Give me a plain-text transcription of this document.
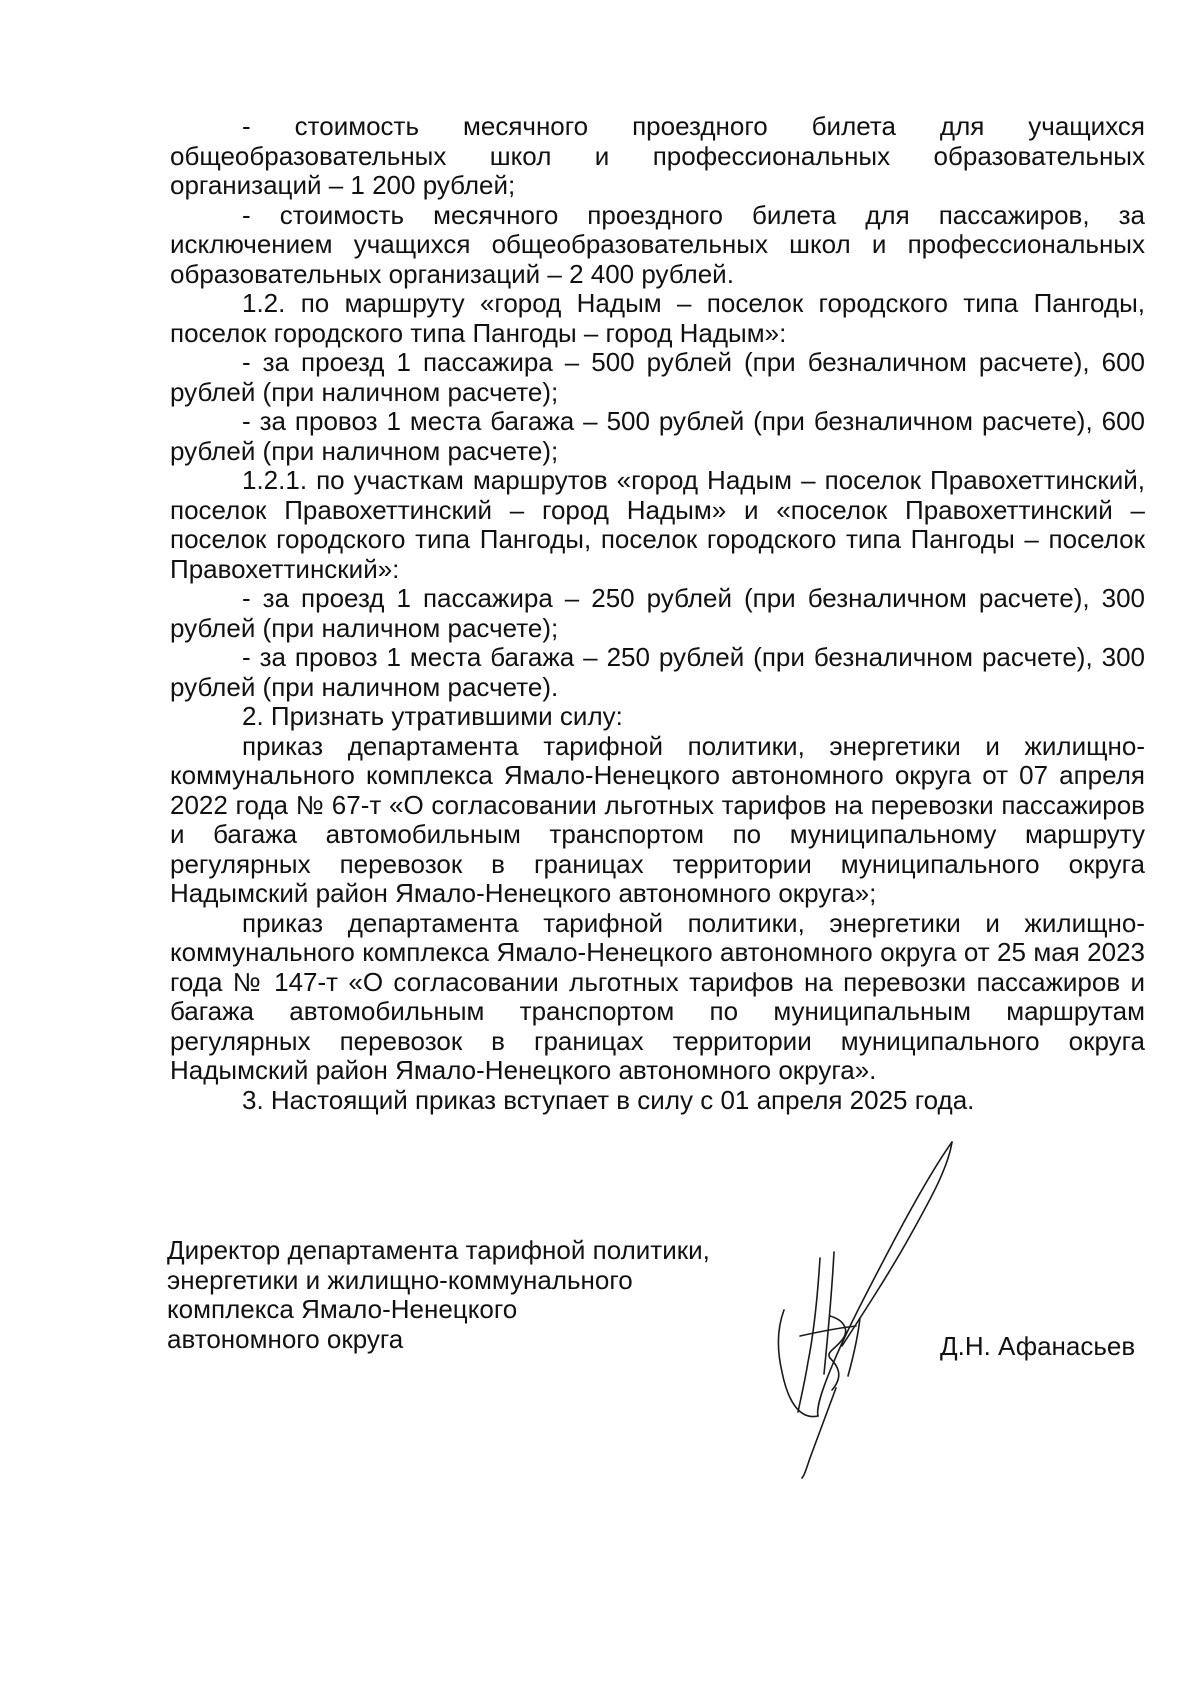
- стоимость месячного проездного билета для учащихся общеобразовательных школ и профессиональных образовательных организаций – 1 200 рублей;

- стоимость месячного проездного билета для пассажиров, за исключением учащихся общеобразовательных школ и профессиональных образовательных организаций – 2 400 рублей.

1.2. по маршруту «город Надым – поселок городского типа Пангоды, поселок городского типа Пангоды – город Надым»:

- за проезд 1 пассажира – 500 рублей (при безналичном расчете), 600 рублей (при наличном расчете);

- за провоз 1 места багажа – 500 рублей (при безналичном расчете), 600 рублей (при наличном расчете);

1.2.1. по участкам маршрутов «город Надым – поселок Правохеттинский, поселок Правохеттинский – город Надым» и «поселок Правохеттинский – поселок городского типа Пангоды, поселок городского типа Пангоды – поселок Правохеттинский»:

- за проезд 1 пассажира – 250 рублей (при безналичном расчете), 300 рублей (при наличном расчете);

- за провоз 1 места багажа – 250 рублей (при безналичном расчете), 300 рублей (при наличном расчете).

2. Признать утратившими силу:

приказ департамента тарифной политики, энергетики и жилищно-коммунального комплекса Ямало-Ненецкого автономного округа от 07 апреля 2022 года № 67-т «О согласовании льготных тарифов на перевозки пассажиров и багажа автомобильным транспортом по муниципальному маршруту регулярных перевозок в границах территории муниципального округа Надымский район Ямало-Ненецкого автономного округа»;

приказ департамента тарифной политики, энергетики и жилищно-коммунального комплекса Ямало-Ненецкого автономного округа от 25 мая 2023 года № 147-т «О согласовании льготных тарифов на перевозки пассажиров и багажа автомобильным транспортом по муниципальным маршрутам регулярных перевозок в границах территории муниципального округа Надымский район Ямало-Ненецкого автономного округа».

3. Настоящий приказ вступает в силу с 01 апреля 2025 года.

Директор департамента тарифной политики,
энергетики и жилищно-коммунального
комплекса Ямало-Ненецкого
автономного округа	Д.Н. Афанасьев
